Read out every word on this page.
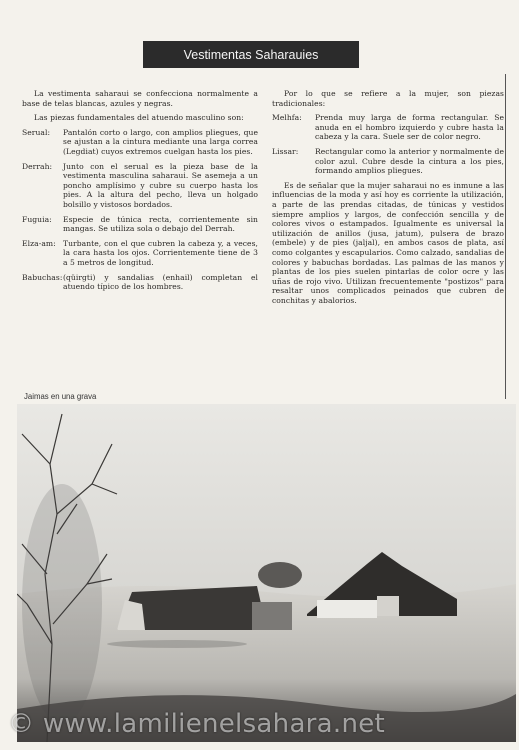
Vestimentas Saharauies

La vestimenta saharaui se confecciona normalmente a base de telas blancas, azules y negras.

Las piezas fundamentales del atuendo masculino son:

Serual:	Pantalón corto o largo, con amplios pliegues, que se ajustan a la cintura mediante una larga correa (Legdiat) cuyos extremos cuelgan hasta los pies.
Derrah:	Junto con el serual es la pieza base de la vestimenta masculina saharaui. Se asemeja a un poncho amplísimo y cubre su cuerpo hasta los pies. A la altura del pecho, lleva un holgado bolsillo y vistosos bordados.
Fuguia:	Especie de túnica recta, corrientemente sin mangas. Se utiliza sola o debajo del Derrah.
Elza-am: Turbante, con el que cubren la cabeza y, a veces, la cara hasta los ojos. Corrientemente tiene de 3 a 5 metros de longitud.
Babuchas: (qüirgti) y sandalias (enhail) completan el atuendo típico de los hombres.

Por lo que se refiere a la mujer, son piezas tradicionales:

Melhfa:	Prenda muy larga de forma rectangular. Se anuda en el hombro izquierdo y cubre hasta la cabeza y la cara. Suele ser de color negro.
Lissar:	Rectangular como la anterior y normalmente de color azul. Cubre desde la cintura a los pies, formando amplios pliegues.

Es de señalar que la mujer saharaui no es inmune a las influencias de la moda y así hoy es corriente la utilización, a parte de las prendas citadas, de túnicas y vestidos siempre amplios y largos, de confección sencilla y de colores vivos o estampados. Igualmente es universal la utilización de anillos (jusa, jatum), pulsera de brazo (embele) y de pies (jaljal), en ambos casos de plata, así como colgantes y escapularios. Como calzado, sandalias de colores y babuchas bordadas. Las palmas de las manos y plantas de los pies suelen pintarlas de color ocre y las uñas de rojo vivo. Utilizan frecuentemente "postizos" para resaltar unos complicados peinados que cubren de conchitas y abalorios.

Jaimas en una grava
© www.lamilienelsahara.net
